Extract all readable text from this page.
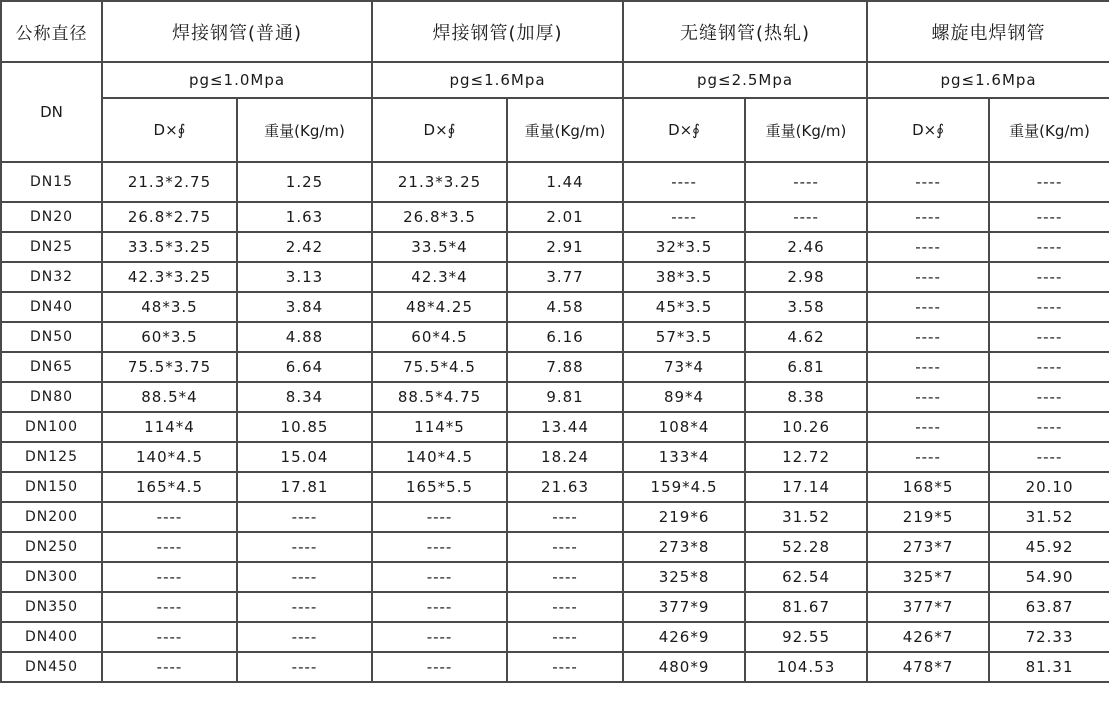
公称直径	焊接钢管(普通)		焊接钢管(加厚)		无缝钢管(热轧)		螺旋电焊钢管	
DN	pg≤1.0Mpa		pg≤1.6Mpa		pg≤2.5Mpa		pg≤1.6Mpa	
	D×∮	重量(Kg/m)	D×∮	重量(Kg/m)	D×∮	重量(Kg/m)	D×∮	重量(Kg/m)
DN15	21.3*2.75	1.25	21.3*3.25	1.44	----	----	----	----
DN20	26.8*2.75	1.63	26.8*3.5	2.01	----	----	----	----
DN25	33.5*3.25	2.42	33.5*4	2.91	32*3.5	2.46	----	----
DN32	42.3*3.25	3.13	42.3*4	3.77	38*3.5	2.98	----	----
DN40	48*3.5	3.84	48*4.25	4.58	45*3.5	3.58	----	----
DN50	60*3.5	4.88	60*4.5	6.16	57*3.5	4.62	----	----
DN65	75.5*3.75	6.64	75.5*4.5	7.88	73*4	6.81	----	----
DN80	88.5*4	8.34	88.5*4.75	9.81	89*4	8.38	----	----
DN100	114*4	10.85	114*5	13.44	108*4	10.26	----	----
DN125	140*4.5	15.04	140*4.5	18.24	133*4	12.72	----	----
DN150	165*4.5	17.81	165*5.5	21.63	159*4.5	17.14	168*5	20.10
DN200	----	----	----	----	219*6	31.52	219*5	31.52
DN250	----	----	----	----	273*8	52.28	273*7	45.92
DN300	----	----	----	----	325*8	62.54	325*7	54.90
DN350	----	----	----	----	377*9	81.67	377*7	63.87
DN400	----	----	----	----	426*9	92.55	426*7	72.33
DN450	----	----	----	----	480*9	104.53	478*7	81.31
